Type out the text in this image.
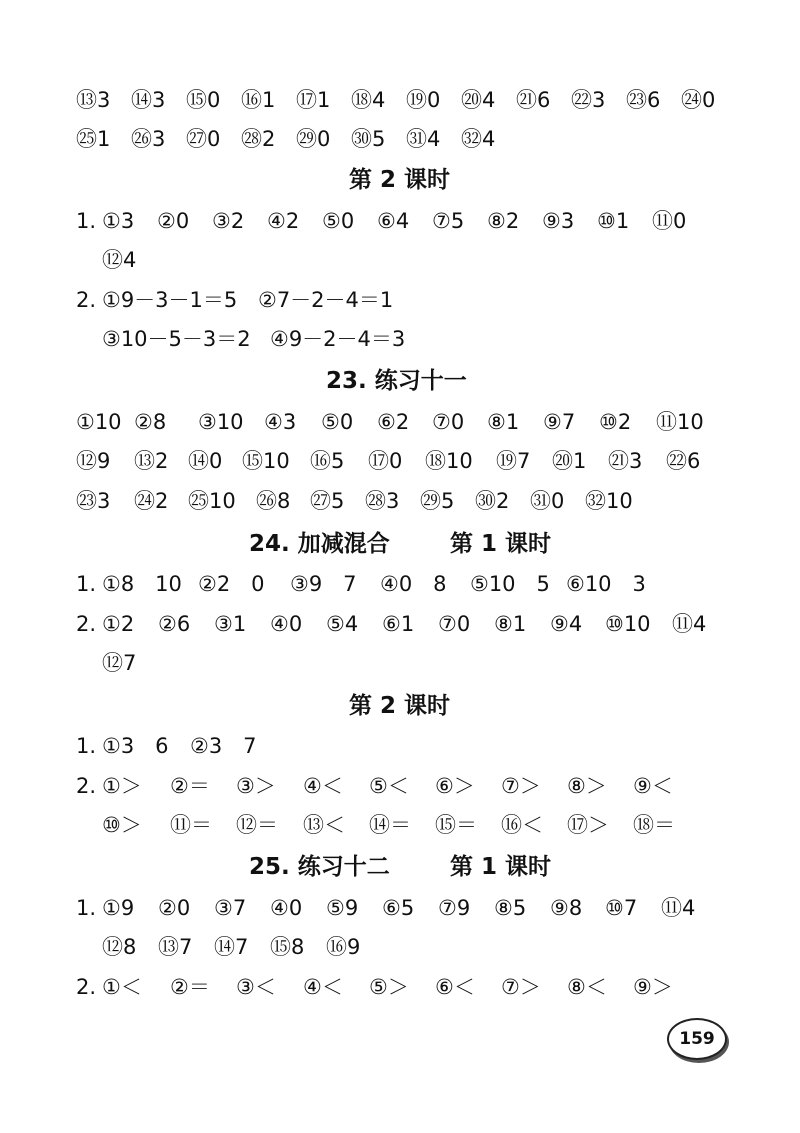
⑬3 ⑭3 ⑮0 ⑯1 ⑰1 ⑱4 ⑲0 ⑳4 ㉑6 ㉒3 ㉓6 ㉔0
㉕1 ㉖3 ㉗0 ㉘2 ㉙0 ㉚5 ㉛4 ㉜4
第 2 课时
1. ①3 ②0 ③2 ④2 ⑤0 ⑥4 ⑦5 ⑧2 ⑨3 ⑩1 ⑪0
⑫4
2. ①9－3－1＝5 ②7－2－4＝1
③10－5－3＝2 ④9－2－4＝3
23. 练习十一
①10 ②8 ③10 ④3 ⑤0 ⑥2 ⑦0 ⑧1 ⑨7 ⑩2 ⑪10
⑫9 ⑬2 ⑭0 ⑮10 ⑯5 ⑰0 ⑱10 ⑲7 ⑳1 ㉑3 ㉒6
㉓3 ㉔2 ㉕10 ㉖8 ㉗5 ㉘3 ㉙5 ㉚2 ㉛0 ㉜10
24. 加减混合	第 1 课时
1. ①8　10 ②2　0 ③9　7 ④0　8 ⑤10　5 ⑥10　3
2. ①2 ②6 ③1 ④0 ⑤4 ⑥1 ⑦0 ⑧1 ⑨4 ⑩10 ⑪4
⑫7
第 2 课时
1. ①3　6 ②3　7
2. ①＞ ②＝ ③＞ ④＜ ⑤＜ ⑥＞ ⑦＞ ⑧＞ ⑨＜
⑩＞ ⑪＝ ⑫＝ ⑬＜ ⑭＝ ⑮＝ ⑯＜ ⑰＞ ⑱＝
25. 练习十二	第 1 课时
1. ①9 ②0 ③7 ④0 ⑤9 ⑥5 ⑦9 ⑧5 ⑨8 ⑩7 ⑪4
⑫8 ⑬7 ⑭7 ⑮8 ⑯9
2. ①＜ ②＝ ③＜ ④＜ ⑤＞ ⑥＜ ⑦＞ ⑧＜ ⑨＞
159
